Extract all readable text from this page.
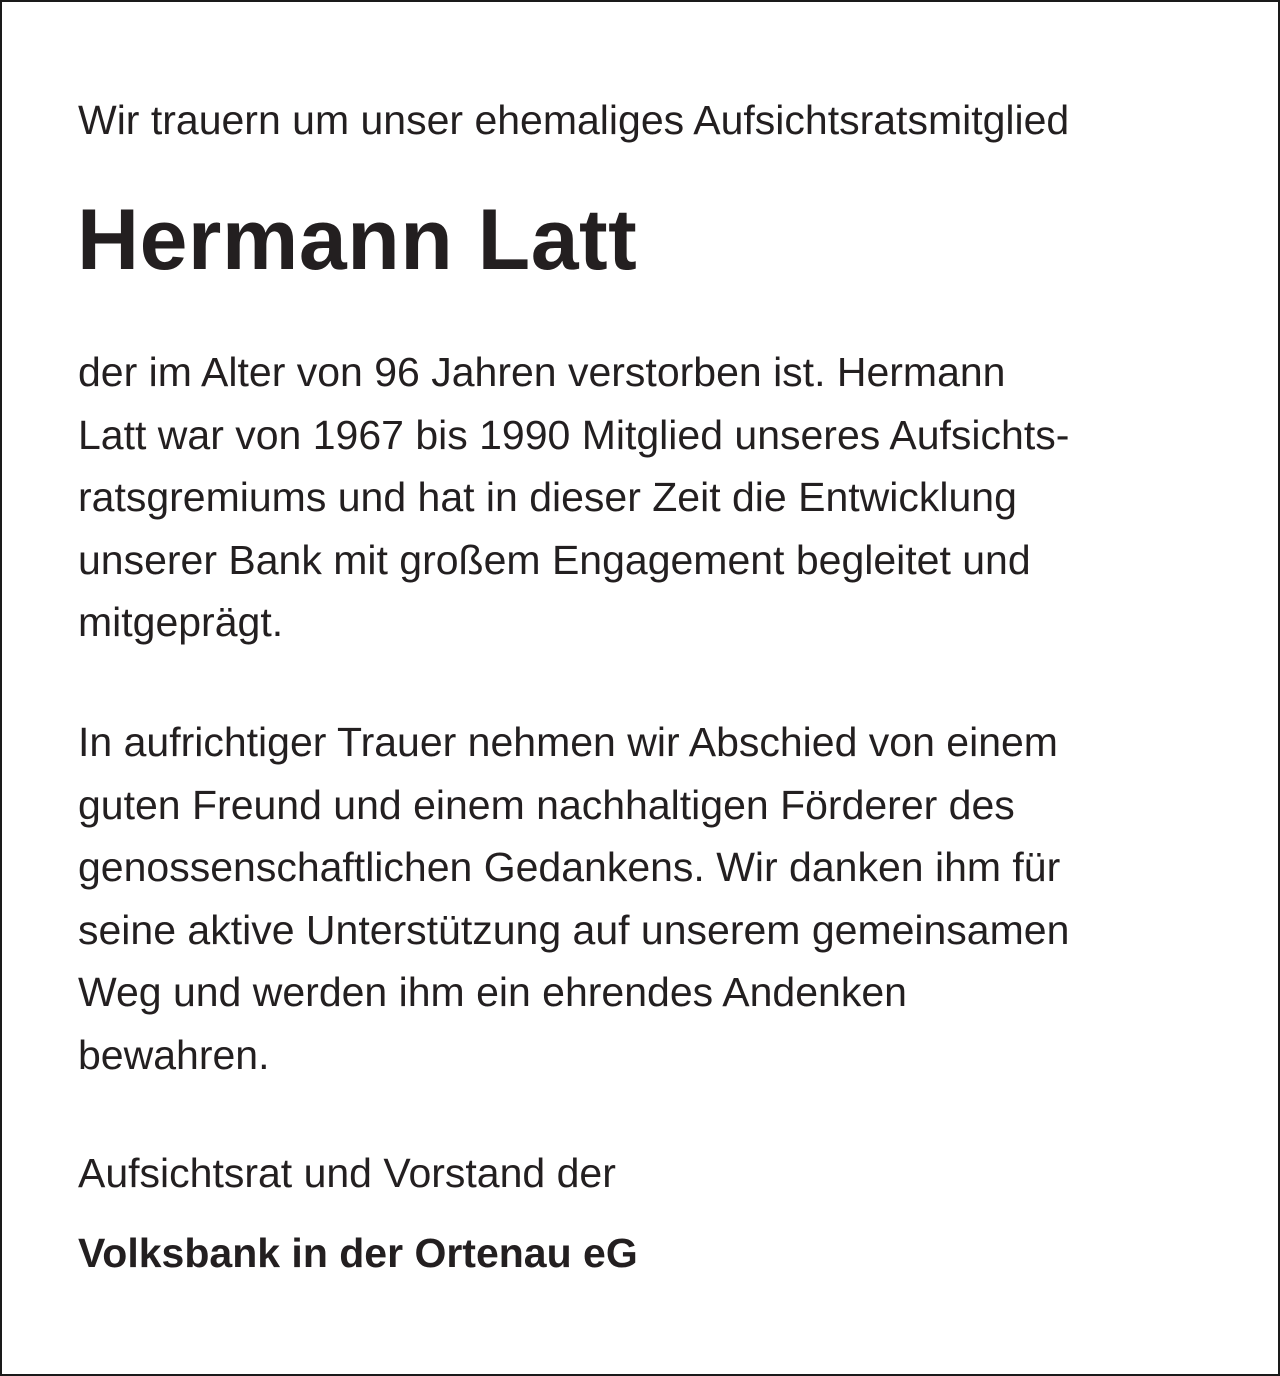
Wir trauern um unser ehemaliges Aufsichtsratsmitglied

Hermann Latt

der im Alter von 96 Jahren verstorben ist. Hermann
Latt war von 1967 bis 1990 Mitglied unseres Aufsichts-
ratsgremiums und hat in dieser Zeit die Entwicklung
unserer Bank mit großem Engagement begleitet und
mitgeprägt.

In aufrichtiger Trauer nehmen wir Abschied von einem
guten Freund und einem nachhaltigen Förderer des
genossenschaftlichen Gedankens. Wir danken ihm für
seine aktive Unterstützung auf unserem gemeinsamen
Weg und werden ihm ein ehrendes Andenken
bewahren.

Aufsichtsrat und Vorstand der

Volksbank in der Ortenau eG
